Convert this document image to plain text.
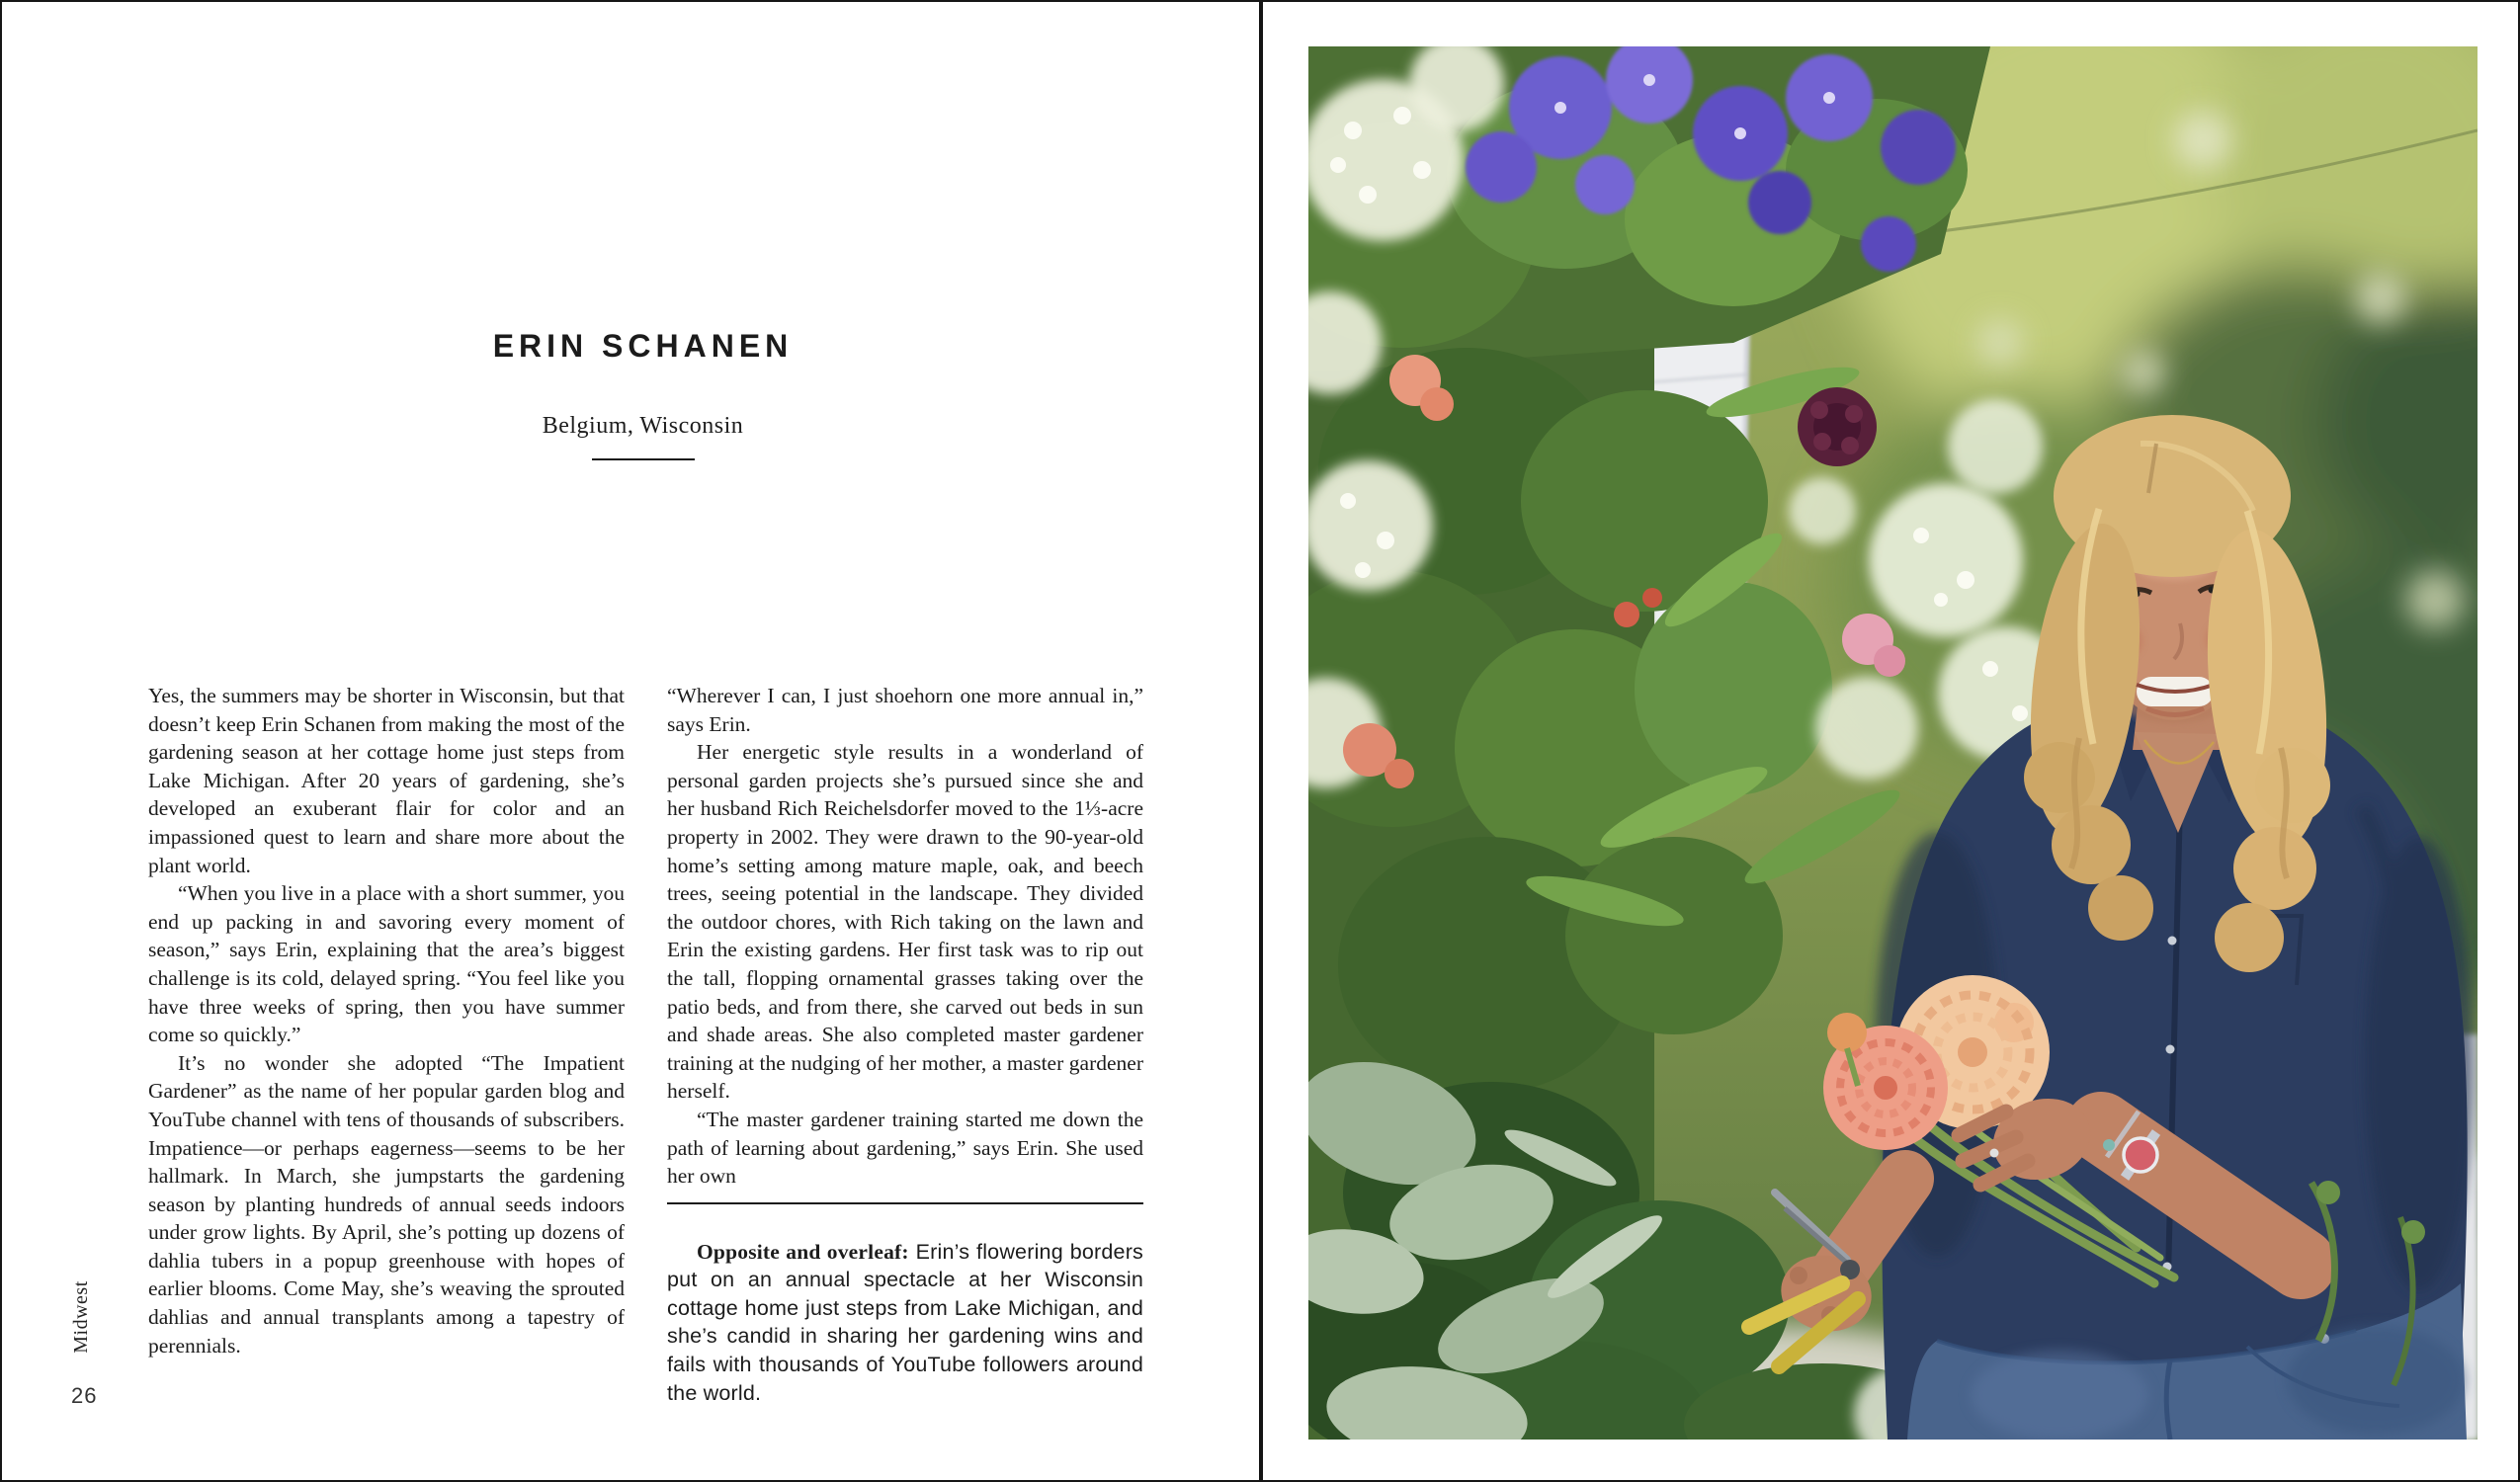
ERIN SCHANEN
Belgium, Wisconsin

Yes, the summers may be shorter in Wisconsin, but that doesn’t keep Erin Schanen from making the most of the gardening season at her cottage home just steps from Lake Michigan. After 20 years of gardening, she’s developed an exuberant flair for color and an impassioned quest to learn and share more about the plant world.

“When you live in a place with a short summer, you end up packing in and savoring every moment of season,” says Erin, explaining that the area’s biggest challenge is its cold, delayed spring. “You feel like you have three weeks of spring, then you have summer come so quickly.”

It’s no wonder she adopted “The Impatient Gardener” as the name of her popular garden blog and YouTube channel with tens of thousands of subscribers. Impatience—or perhaps eagerness—seems to be her hallmark. In March, she jumpstarts the gardening season by planting hundreds of annual seeds indoors under grow lights. By April, she’s potting up dozens of dahlia tubers in a popup greenhouse with hopes of earlier blooms. Come May, she’s weaving the sprouted dahlias and annual transplants among a tapestry of perennials.

“Wherever I can, I just shoehorn one more annual in,” says Erin.

Her energetic style results in a wonderland of personal garden projects she’s pursued since she and her husband Rich Reichelsdorfer moved to the 1⅓-acre property in 2002. They were drawn to the 90-year-old home’s setting among mature maple, oak, and beech trees, seeing potential in the landscape. They divided the outdoor chores, with Rich taking on the lawn and Erin the existing gardens. Her first task was to rip out the tall, flopping ornamental grasses taking over the patio beds, and from there, she carved out beds in sun and shade areas. She also completed master gardener training at the nudging of her mother, a master gardener herself.

“The master gardener training started me down the path of learning about gardening,” says Erin. She used her own

Opposite and overleaf: Erin’s flowering borders put on an annual spectacle at her Wisconsin cottage home just steps from Lake Michigan, and she’s candid in sharing her gardening wins and fails with thousands of YouTube followers around the world.

Midwest
26
